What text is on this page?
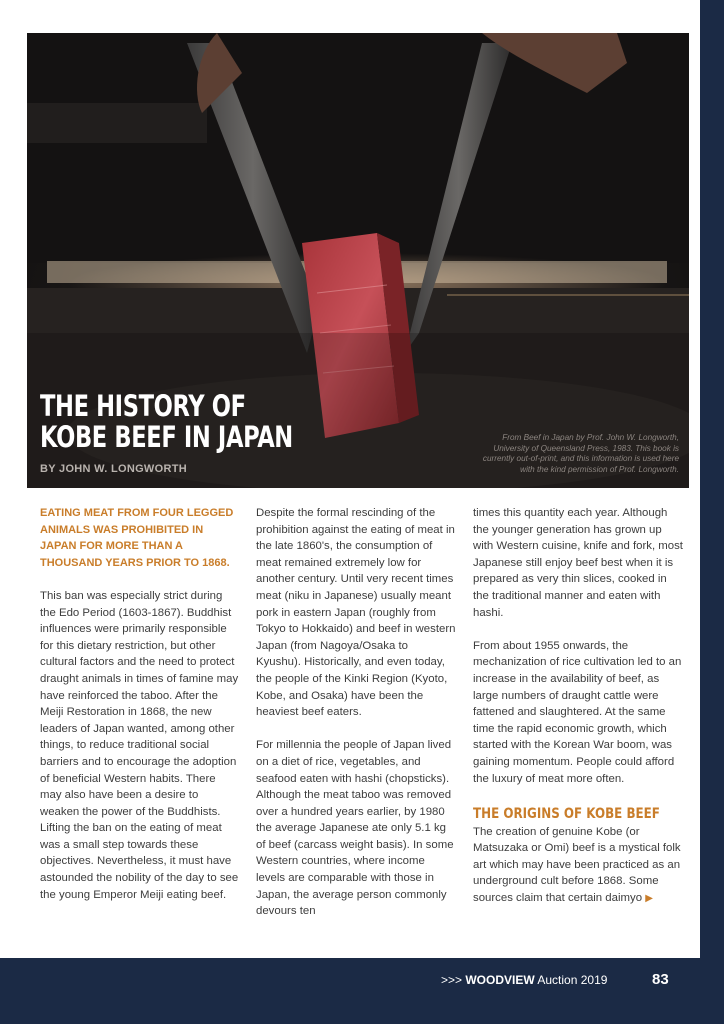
THE HISTORY OF
KOBE BEEF IN JAPAN
BY JOHN W. LONGWORTH
From Beef in Japan by Prof. John W. Longworth, University of Queensland Press, 1983. This book is currently out-of-print, and this information is used here with the kind permission of Prof. Longworth.

EATING MEAT FROM FOUR LEGGED ANIMALS WAS PROHIBITED IN JAPAN FOR MORE THAN A THOUSAND YEARS PRIOR TO 1868.

This ban was especially strict during the Edo Period (1603-1867). Buddhist influences were primarily responsible for this dietary restriction, but other cultural factors and the need to protect draught animals in times of famine may have reinforced the taboo. After the Meiji Restoration in 1868, the new leaders of Japan wanted, among other things, to reduce traditional social barriers and to encourage the adoption of beneficial Western habits. There may also have been a desire to weaken the power of the Buddhists. Lifting the ban on the eating of meat was a small step towards these objectives. Nevertheless, it must have astounded the nobility of the day to see the young Emperor Meiji eating beef.

Despite the formal rescinding of the prohibition against the eating of meat in the late 1860's, the consumption of meat remained extremely low for another century. Until very recent times meat (niku in Japanese) usually meant pork in eastern Japan (roughly from Tokyo to Hokkaido) and beef in western Japan (from Nagoya/Osaka to Kyushu). Historically, and even today, the people of the Kinki Region (Kyoto, Kobe, and Osaka) have been the heaviest beef eaters.

For millennia the people of Japan lived on a diet of rice, vegetables, and seafood eaten with hashi (chopsticks). Although the meat taboo was removed over a hundred years earlier, by 1980 the average Japanese ate only 5.1 kg of beef (carcass weight basis). In some Western countries, where income levels are comparable with those in Japan, the average person commonly devours ten

times this quantity each year. Although the younger generation has grown up with Western cuisine, knife and fork, most Japanese still enjoy beef best when it is prepared as very thin slices, cooked in the traditional manner and eaten with hashi.

From about 1955 onwards, the mechanization of rice cultivation led to an increase in the availability of beef, as large numbers of draught cattle were fattened and slaughtered. At the same time the rapid economic growth, which started with the Korean War boom, was gaining momentum. People could afford the luxury of meat more often.

THE ORIGINS OF KOBE BEEF

The creation of genuine Kobe (or Matsuzaka or Omi) beef is a mystical folk art which may have been practiced as an underground cult before 1868. Some sources claim that certain daimyo ▶

>>> WOODVIEW Auction 2019	83
